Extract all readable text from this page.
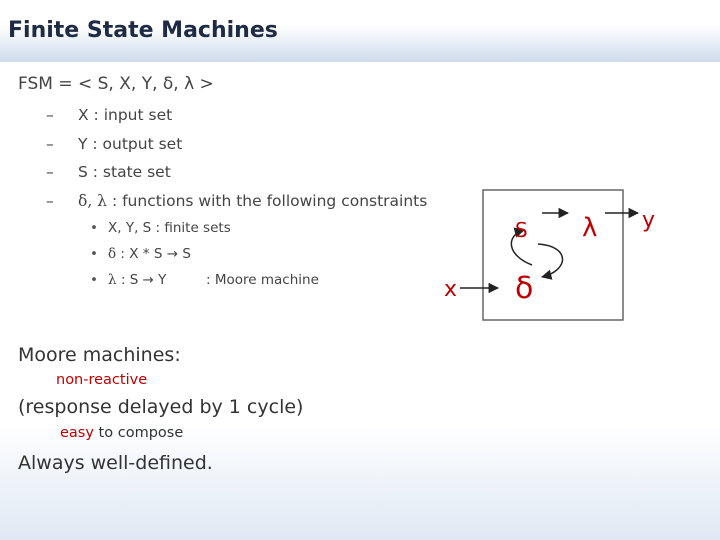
Finite State Machines
FSM = < S, X, Y, δ, λ >
– X : input set
– Y : output set
– S : state set
– δ, λ : functions with the following constraints
• X, Y, S : finite sets
• δ : X * S → S
• λ : S → Y	: Moore machine
Moore machines:
non-reactive
(response delayed by 1 cycle)
easy to compose
Always well-defined.
x
S
δ
λ y
